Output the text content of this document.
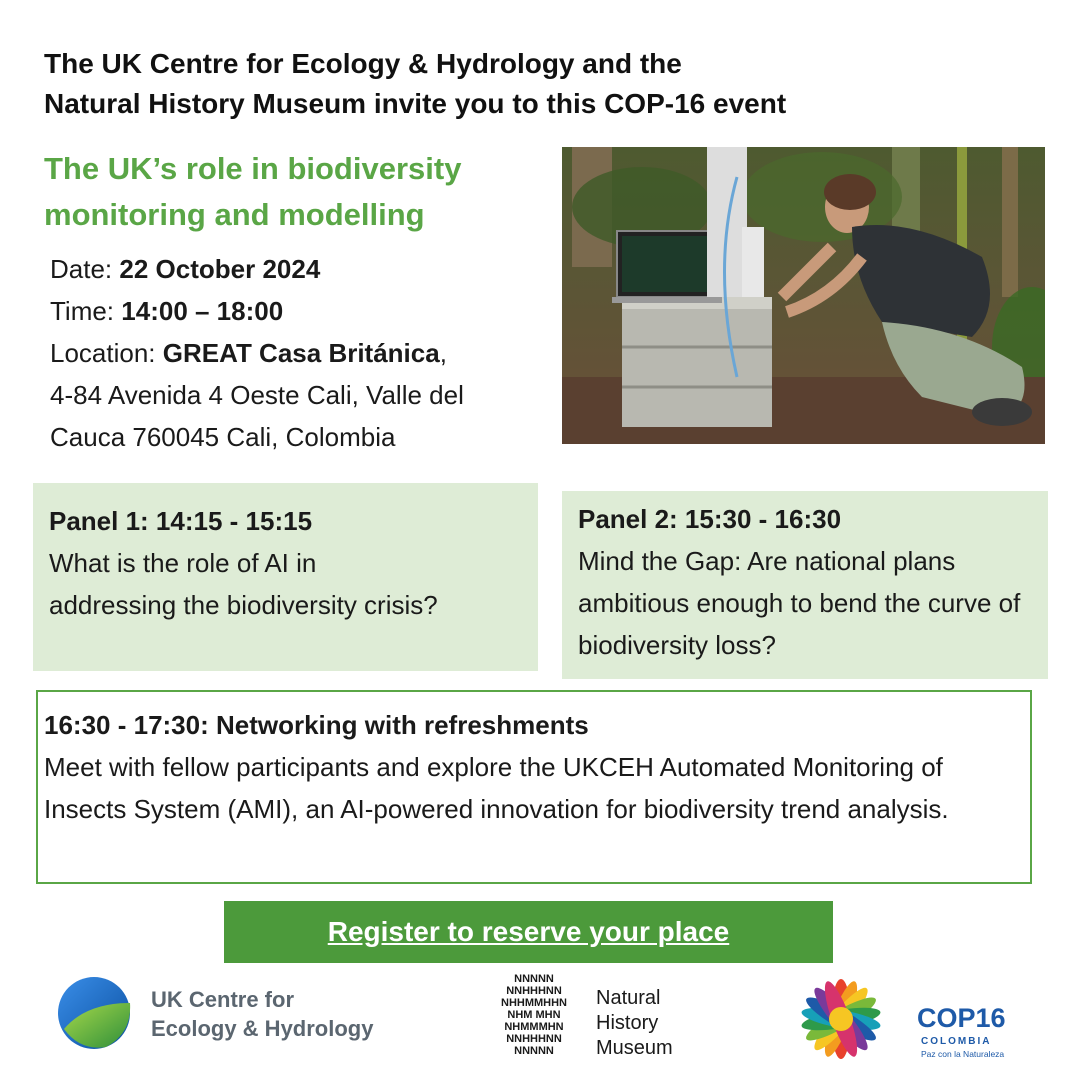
The UK Centre for Ecology & Hydrology and the
Natural History Museum invite you to this COP-16 event
The UK’s role in biodiversity
monitoring and modelling
Date: 22 October 2024
Time: 14:00 – 18:00
Location: GREAT Casa Británica,
4-84 Avenida 4 Oeste Cali, Valle del
Cauca 760045 Cali, Colombia
Panel 1: 14:15 - 15:15
What is the role of AI in
addressing the biodiversity crisis?
Panel 2: 15:30 - 16:30
Mind the Gap: Are national plans ambitious enough to bend the curve of biodiversity loss?
16:30 - 17:30: Networking with refreshments
Meet with fellow participants and explore the UKCEH Automated Monitoring of Insects System (AMI), an AI-powered innovation for biodiversity trend analysis.
Register to reserve your place
UK Centre for
Ecology & Hydrology
NNNNN
NNHHHNN
NHHMMHHN
NHM MHN
NHMMMHN
NNHHHNN
NNNNN
Natural
History
Museum
COP16
COLOMBIA
Paz con la Naturaleza
